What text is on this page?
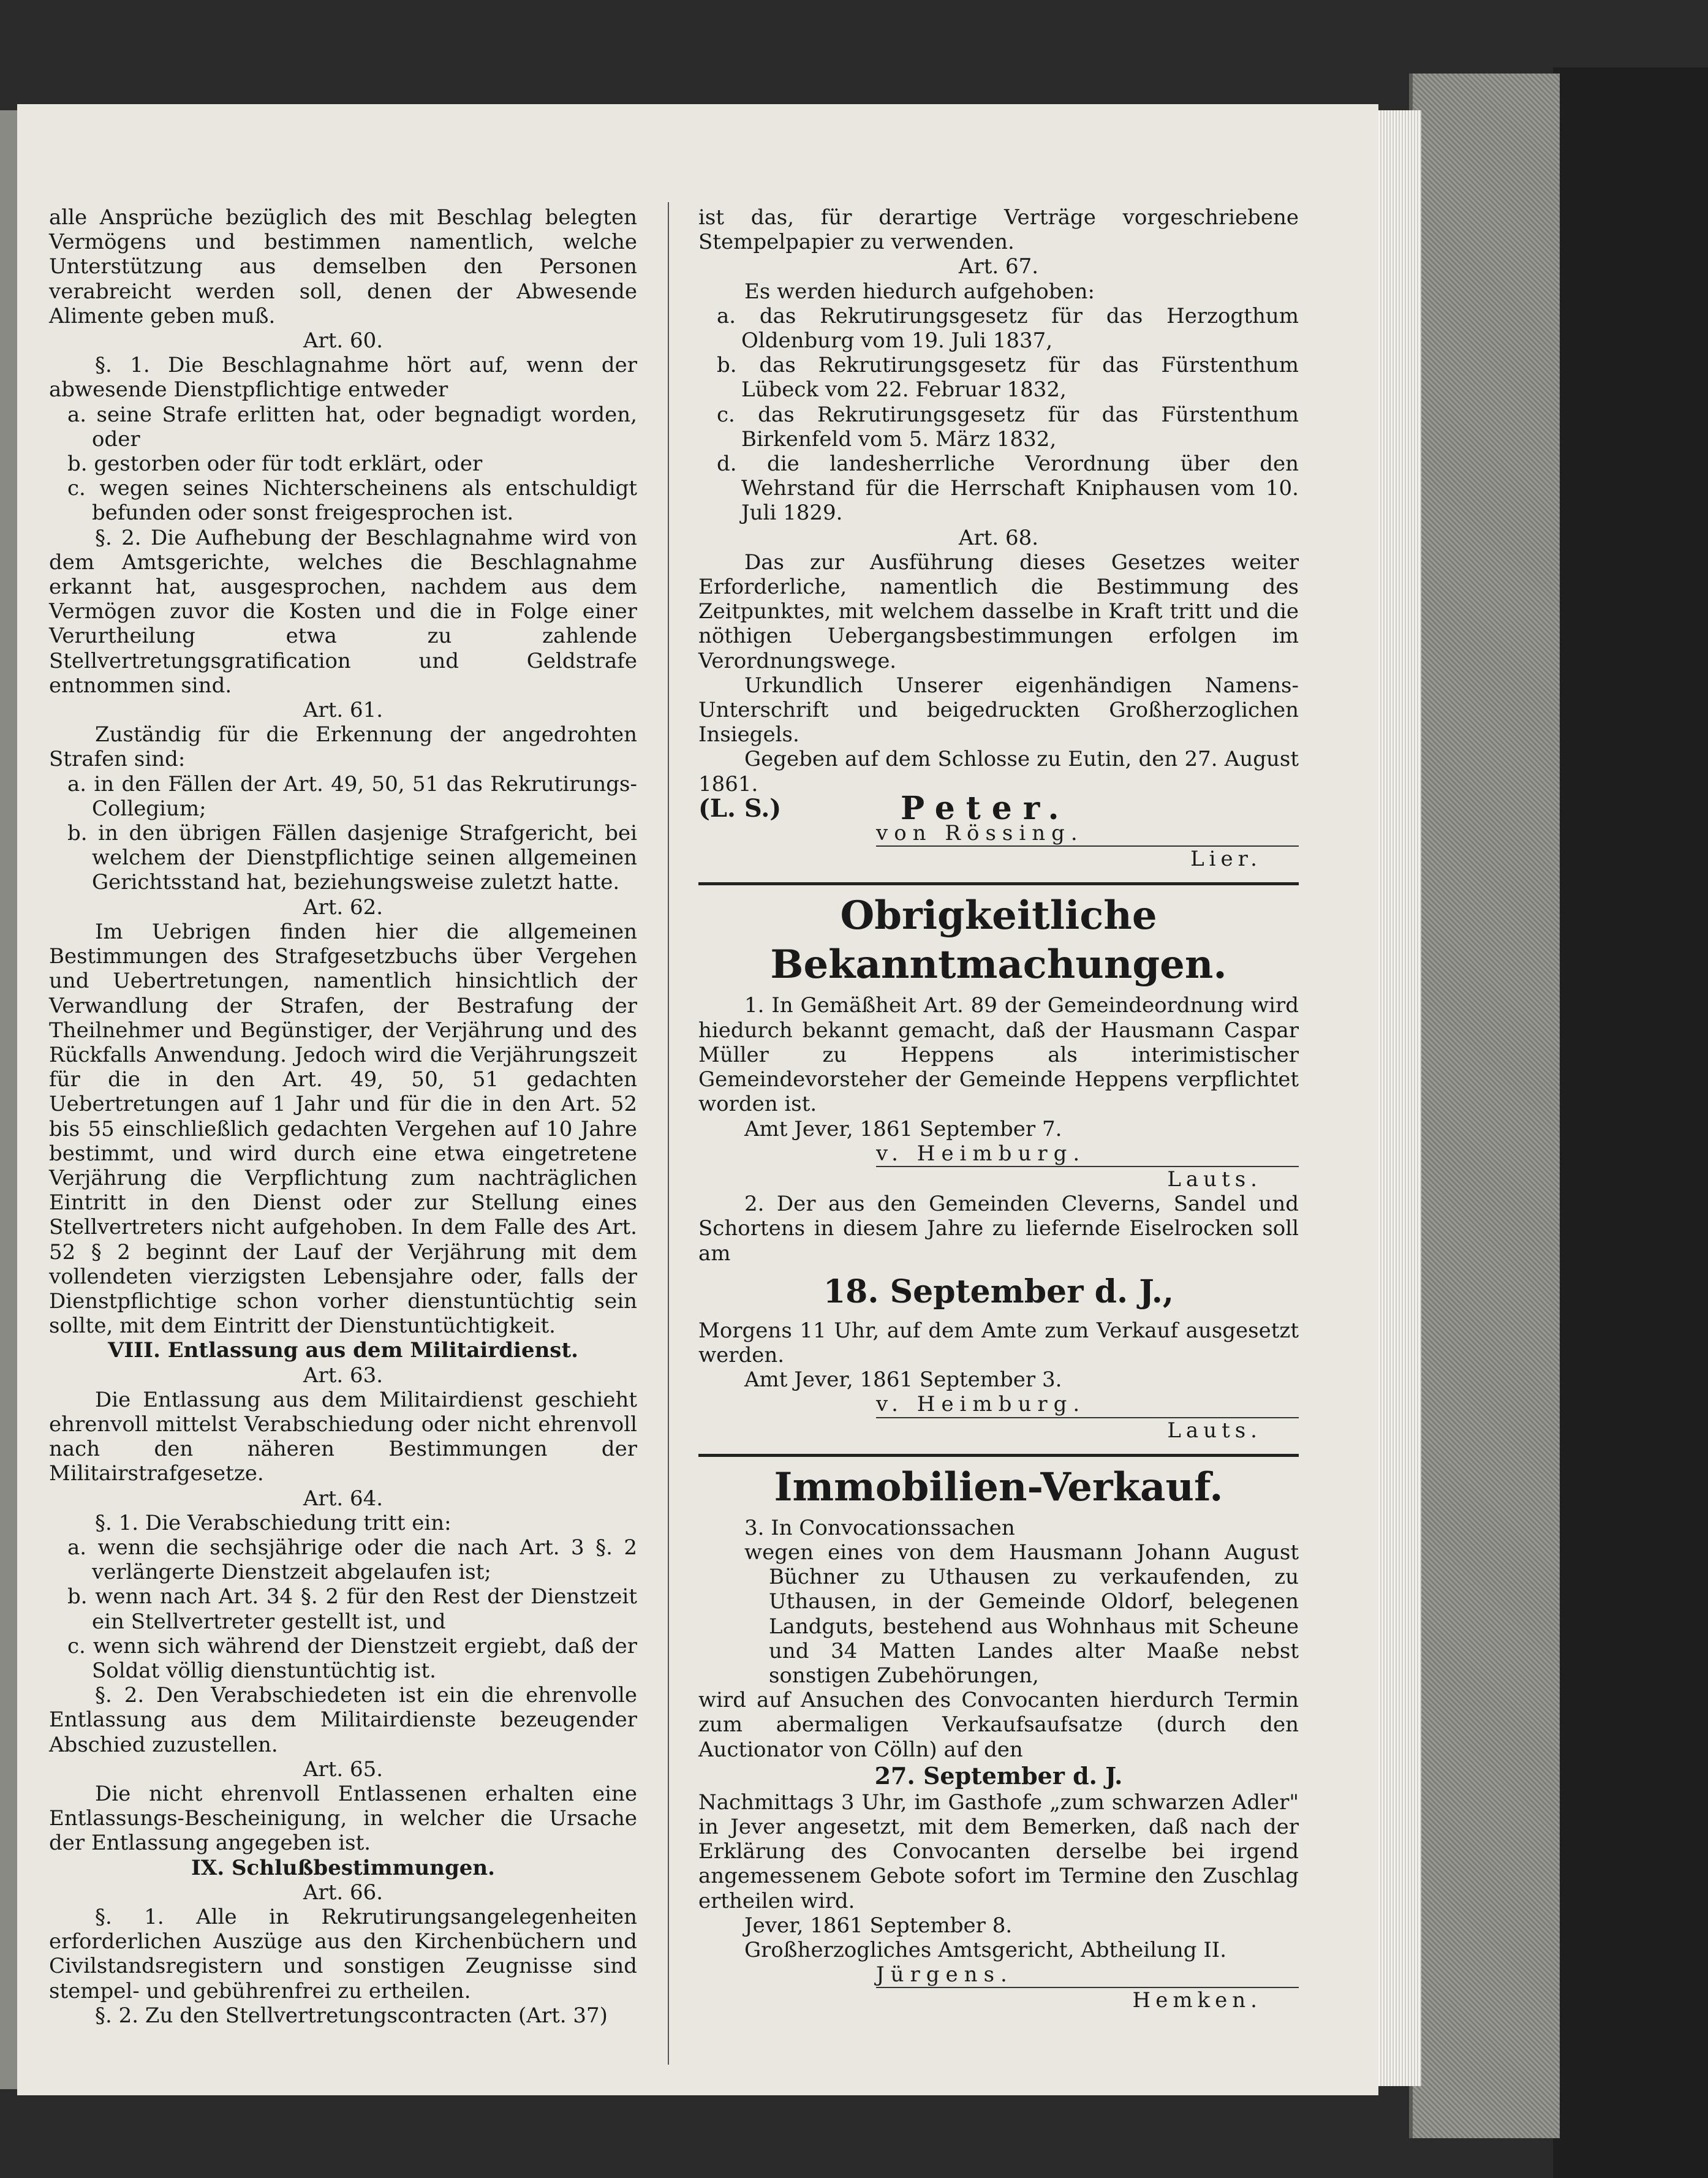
alle Ansprüche bezüglich des mit Beschlag belegten Vermögens und bestimmen namentlich, welche Unterstützung aus demselben den Personen verabreicht werden soll, denen der Abwesende Alimente geben muß.
Art. 60.
§. 1. Die Beschlagnahme hört auf, wenn der abwesende Dienstpflichtige entweder
a. seine Strafe erlitten hat, oder begnadigt worden, oder
b. gestorben oder für todt erklärt, oder
c. wegen seines Nichterscheinens als entschuldigt befunden oder sonst freigesprochen ist.
§. 2. Die Aufhebung der Beschlagnahme wird von dem Amtsgerichte, welches die Beschlagnahme erkannt hat, ausgesprochen, nachdem aus dem Vermögen zuvor die Kosten und die in Folge einer Verurtheilung etwa zu zahlende Stellvertretungsgratification und Geldstrafe entnommen sind.
Art. 61.
Zuständig für die Erkennung der angedrohten Strafen sind:
a. in den Fällen der Art. 49, 50, 51 das Rekrutirungs-Collegium;
b. in den übrigen Fällen dasjenige Strafgericht, bei welchem der Dienstpflichtige seinen allgemeinen Gerichtsstand hat, beziehungsweise zuletzt hatte.
Art. 62.
Im Uebrigen finden hier die allgemeinen Bestimmungen des Strafgesetzbuchs über Vergehen und Uebertretungen, namentlich hinsichtlich der Verwandlung der Strafen, der Bestrafung der Theilnehmer und Begünstiger, der Verjährung und des Rückfalls Anwendung. Jedoch wird die Verjährungszeit für die in den Art. 49, 50, 51 gedachten Uebertretungen auf 1 Jahr und für die in den Art. 52 bis 55 einschließlich gedachten Vergehen auf 10 Jahre bestimmt, und wird durch eine etwa eingetretene Verjährung die Verpflichtung zum nachträglichen Eintritt in den Dienst oder zur Stellung eines Stellvertreters nicht aufgehoben. In dem Falle des Art. 52 § 2 beginnt der Lauf der Verjährung mit dem vollendeten vierzigsten Lebensjahre oder, falls der Dienstpflichtige schon vorher dienstuntüchtig sein sollte, mit dem Eintritt der Dienstuntüchtigkeit.
VIII. Entlassung aus dem Militairdienst.
Art. 63.
Die Entlassung aus dem Militairdienst geschieht ehrenvoll mittelst Verabschiedung oder nicht ehrenvoll nach den näheren Bestimmungen der Militairstrafgesetze.
Art. 64.
§. 1. Die Verabschiedung tritt ein:
a. wenn die sechsjährige oder die nach Art. 3 §. 2 verlängerte Dienstzeit abgelaufen ist;
b. wenn nach Art. 34 §. 2 für den Rest der Dienstzeit ein Stellvertreter gestellt ist, und
c. wenn sich während der Dienstzeit ergiebt, daß der Soldat völlig dienstuntüchtig ist.
§. 2. Den Verabschiedeten ist ein die ehrenvolle Entlassung aus dem Militairdienste bezeugender Abschied zuzustellen.
Art. 65.
Die nicht ehrenvoll Entlassenen erhalten eine Entlassungs-Bescheinigung, in welcher die Ursache der Entlassung angegeben ist.
IX. Schlußbestimmungen.
Art. 66.
§. 1. Alle in Rekrutirungsangelegenheiten erforderlichen Auszüge aus den Kirchenbüchern und Civilstandsregistern und sonstigen Zeugnisse sind stempel- und gebührenfrei zu ertheilen.
§. 2. Zu den Stellvertretungscontracten (Art. 37)
ist das, für derartige Verträge vorgeschriebene Stempelpapier zu verwenden.
Art. 67.
Es werden hiedurch aufgehoben:
a. das Rekrutirungsgesetz für das Herzogthum Oldenburg vom 19. Juli 1837,
b. das Rekrutirungsgesetz für das Fürstenthum Lübeck vom 22. Februar 1832,
c. das Rekrutirungsgesetz für das Fürstenthum Birkenfeld vom 5. März 1832,
d. die landesherrliche Verordnung über den Wehrstand für die Herrschaft Kniphausen vom 10. Juli 1829.
Art. 68.
Das zur Ausführung dieses Gesetzes weiter Erforderliche, namentlich die Bestimmung des Zeitpunktes, mit welchem dasselbe in Kraft tritt und die nöthigen Uebergangsbestimmungen erfolgen im Verordnungswege.
Urkundlich Unserer eigenhändigen Namens-Unterschrift und beigedruckten Großherzoglichen Insiegels.
Gegeben auf dem Schlosse zu Eutin, den 27. August 1861.
(L. S.)	Peter.
von Rössing.
Lier.
Obrigkeitliche Bekanntmachungen.
1. In Gemäßheit Art. 89 der Gemeindeordnung wird hiedurch bekannt gemacht, daß der Hausmann Caspar Müller zu Heppens als interimistischer Gemeindevorsteher der Gemeinde Heppens verpflichtet worden ist.
Amt Jever, 1861 September 7.
v. Heimburg.
Lauts.
2. Der aus den Gemeinden Cleverns, Sandel und Schortens in diesem Jahre zu liefernde Eiselrocken soll am
18. September d. J.,
Morgens 11 Uhr, auf dem Amte zum Verkauf ausgesetzt werden.
Amt Jever, 1861 September 3.
v. Heimburg.
Lauts.
Immobilien-Verkauf.
3. In Convocationssachen
wegen eines von dem Hausmann Johann August Büchner zu Uthausen zu verkaufenden, zu Uthausen, in der Gemeinde Oldorf, belegenen Landguts, bestehend aus Wohnhaus mit Scheune und 34 Matten Landes alter Maaße nebst sonstigen Zubehörungen,
wird auf Ansuchen des Convocanten hierdurch Termin zum abermaligen Verkaufsaufsatze (durch den Auctionator von Cölln) auf den
27. September d. J.
Nachmittags 3 Uhr, im Gasthofe „zum schwarzen Adler" in Jever angesetzt, mit dem Bemerken, daß nach der Erklärung des Convocanten derselbe bei irgend angemessenem Gebote sofort im Termine den Zuschlag ertheilen wird.
Jever, 1861 September 8.
Großherzogliches Amtsgericht, Abtheilung II.
Jürgens.
Hemken.
